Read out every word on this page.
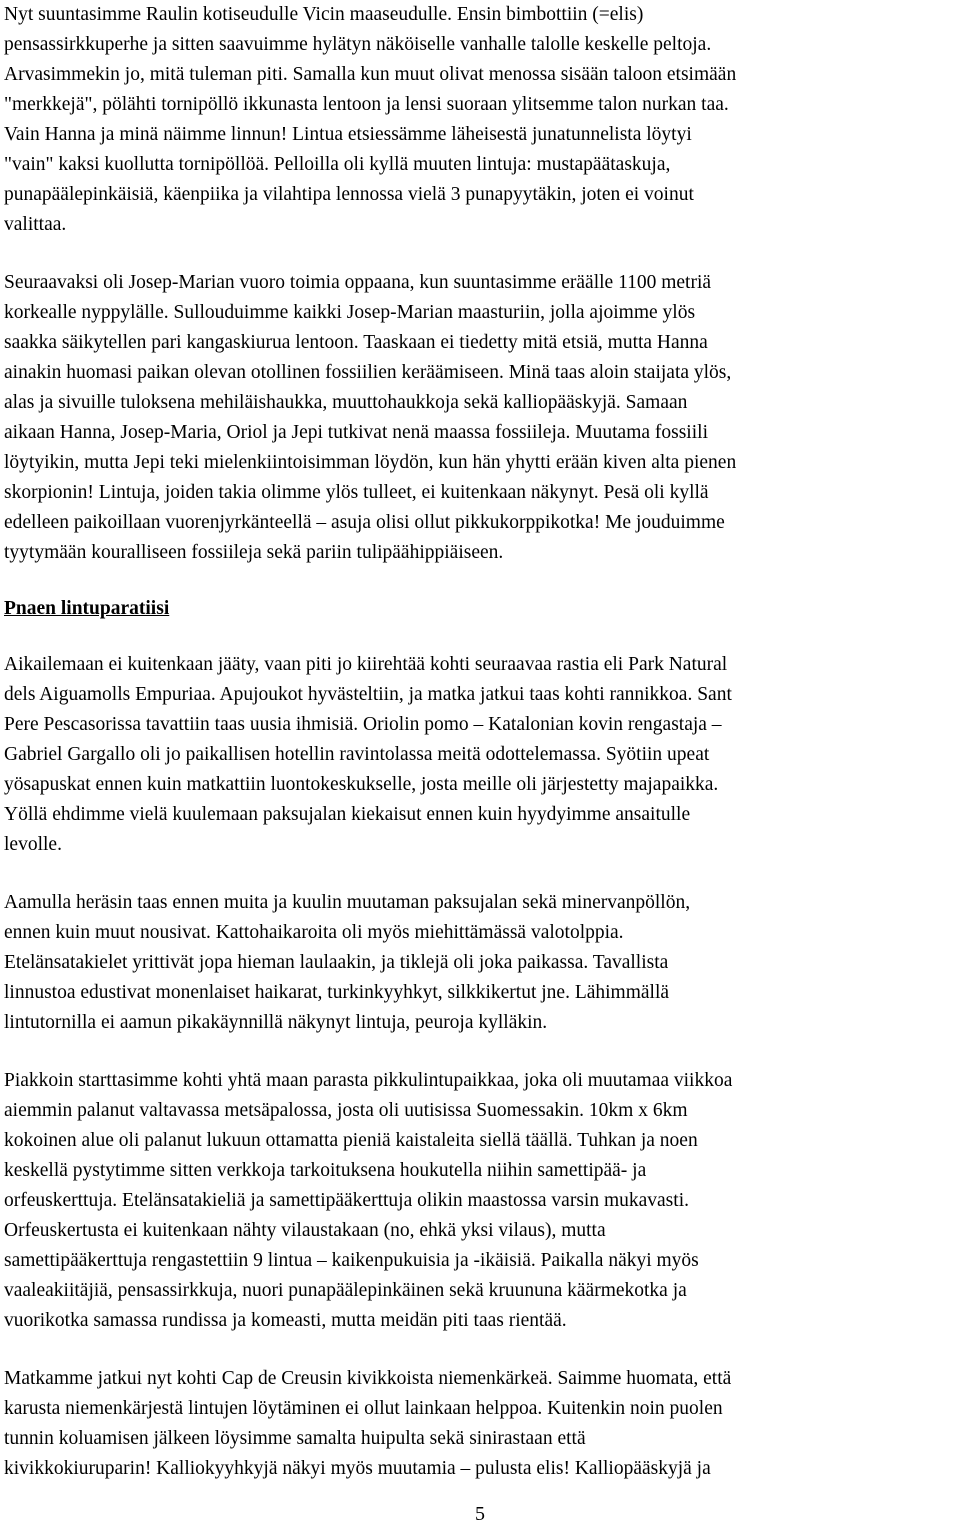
Nyt suuntasimme Raulin kotiseudulle Vicin maaseudulle. Ensin bimbottiin (=elis)
pensassirkkuperhe ja sitten saavuimme hylätyn näköiselle vanhalle talolle keskelle peltoja.
Arvasimmekin jo, mitä tuleman piti. Samalla kun muut olivat menossa sisään taloon etsimään
"merkkejä", pölähti tornipöllö ikkunasta lentoon ja lensi suoraan ylitsemme talon nurkan taa.
Vain Hanna ja minä näimme linnun! Lintua etsiessämme läheisestä junatunnelista löytyi
"vain" kaksi kuollutta tornipöllöä. Pelloilla oli kyllä muuten lintuja: mustapäätaskuja,
punapäälepinkäisiä, käenpiika ja vilahtipa lennossa vielä 3 punapyytäkin, joten ei voinut
valittaa.
Seuraavaksi oli Josep-Marian vuoro toimia oppaana, kun suuntasimme eräälle 1100 metriä
korkealle nyppylälle. Sullouduimme kaikki Josep-Marian maasturiin, jolla ajoimme ylös
saakka säikytellen pari kangaskiurua lentoon. Taaskaan ei tiedetty mitä etsiä, mutta Hanna
ainakin huomasi paikan olevan otollinen fossiilien keräämiseen. Minä taas aloin staijata ylös,
alas ja sivuille tuloksena mehiläishaukka, muuttohaukkoja sekä kalliopääskyjä. Samaan
aikaan Hanna, Josep-Maria, Oriol ja Jepi tutkivat nenä maassa fossiileja. Muutama fossiili
löytyikin, mutta Jepi teki mielenkiintoisimman löydön, kun hän yhytti erään kiven alta pienen
skorpionin! Lintuja, joiden takia olimme ylös tulleet, ei kuitenkaan näkynyt. Pesä oli kyllä
edelleen paikoillaan vuorenjyrkänteellä – asuja olisi ollut pikkukorppikotka! Me jouduimme
tyytymään kouralliseen fossiileja sekä pariin tulipäähippiäiseen.
Pnaen lintuparatiisi
Aikailemaan ei kuitenkaan jääty, vaan piti jo kiirehtää kohti seuraavaa rastia eli Park Natural
dels Aiguamolls Empuriaa. Apujoukot hyvästeltiin, ja matka jatkui taas kohti rannikkoa. Sant
Pere Pescasorissa tavattiin taas uusia ihmisiä. Oriolin pomo – Katalonian kovin rengastaja –
Gabriel Gargallo oli jo paikallisen hotellin ravintolassa meitä odottelemassa. Syötiin upeat
yösapuskat ennen kuin matkattiin luontokeskukselle, josta meille oli järjestetty majapaikka.
Yöllä ehdimme vielä kuulemaan paksujalan kiekaisut ennen kuin hyydyimme ansaitulle
levolle.
Aamulla heräsin taas ennen muita ja kuulin muutaman paksujalan sekä minervanpöllön,
ennen kuin muut nousivat. Kattohaikaroita oli myös miehittämässä valotolppia.
Etelänsatakielet yrittivät jopa hieman laulaakin, ja tiklejä oli joka paikassa. Tavallista
linnustoa edustivat monenlaiset haikarat, turkinkyyhkyt, silkkikertut jne. Lähimmällä
lintutornilla ei aamun pikakäynnillä näkynyt lintuja, peuroja kylläkin.
Piakkoin starttasimme kohti yhtä maan parasta pikkulintupaikkaa, joka oli muutamaa viikkoa
aiemmin palanut valtavassa metsäpalossa, josta oli uutisissa Suomessakin. 10km x 6km
kokoinen alue oli palanut lukuun ottamatta pieniä kaistaleita siellä täällä. Tuhkan ja noen
keskellä pystytimme sitten verkkoja tarkoituksena houkutella niihin samettipää- ja
orfeuskerttuja. Etelänsatakieliä ja samettipääkerttuja olikin maastossa varsin mukavasti.
Orfeuskertusta ei kuitenkaan nähty vilaustakaan (no, ehkä yksi vilaus), mutta
samettipääkerttuja rengastettiin 9 lintua – kaikenpukuisia ja -ikäisiä. Paikalla näkyi myös
vaaleakiitäjiä, pensassirkkuja, nuori punapäälepinkäinen sekä kruununa käärmekotka ja
vuorikotka samassa rundissa ja komeasti, mutta meidän piti taas rientää.
Matkamme jatkui nyt kohti Cap de Creusin kivikkoista niemenkärkeä. Saimme huomata, että
karusta niemenkärjestä lintujen löytäminen ei ollut lainkaan helppoa. Kuitenkin noin puolen
tunnin koluamisen jälkeen löysimme samalta huipulta sekä sinirastaan että
kivikkokiuruparin! Kalliokyyhkyjä näkyi myös muutamia – pulusta elis! Kalliopääskyjä ja
5
